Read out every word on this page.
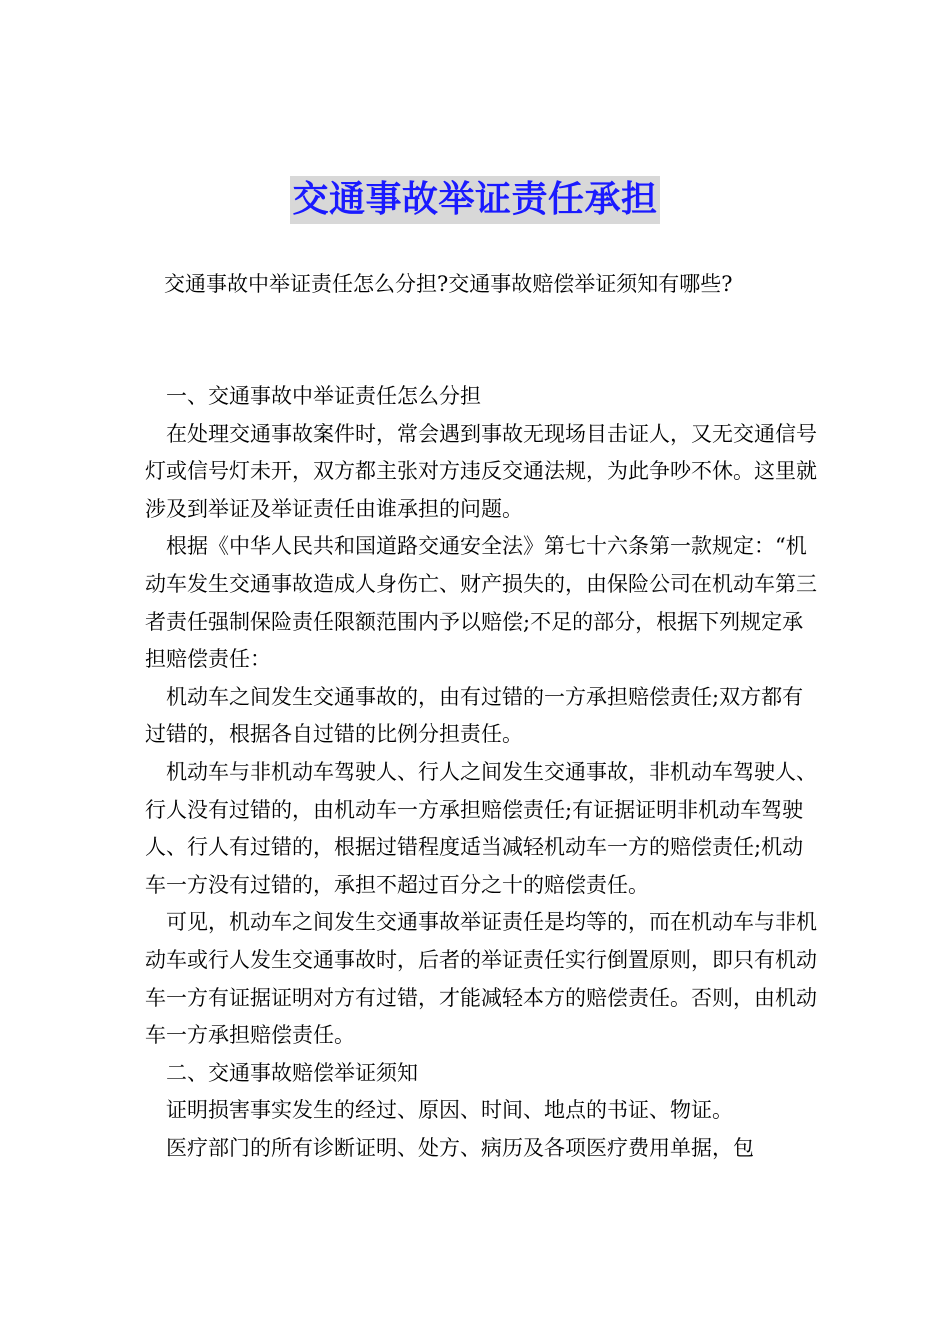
交通事故举证责任承担
交通事故中举证责任怎么分担?交通事故赔偿举证须知有哪些?

一、交通事故中举证责任怎么分担

在处理交通事故案件时，常会遇到事故无现场目击证人，又无交通信号灯或信号灯未开，双方都主张对方违反交通法规，为此争吵不休。这里就涉及到举证及举证责任由谁承担的问题。

根据《中华人民共和国道路交通安全法》第七十六条第一款规定：“机动车发生交通事故造成人身伤亡、财产损失的，由保险公司在机动车第三者责任强制保险责任限额范围内予以赔偿;不足的部分，根据下列规定承担赔偿责任：

机动车之间发生交通事故的，由有过错的一方承担赔偿责任;双方都有过错的，根据各自过错的比例分担责任。

机动车与非机动车驾驶人、行人之间发生交通事故，非机动车驾驶人、行人没有过错的，由机动车一方承担赔偿责任;有证据证明非机动车驾驶人、行人有过错的，根据过错程度适当减轻机动车一方的赔偿责任;机动车一方没有过错的，承担不超过百分之十的赔偿责任。

可见，机动车之间发生交通事故举证责任是均等的，而在机动车与非机动车或行人发生交通事故时，后者的举证责任实行倒置原则，即只有机动车一方有证据证明对方有过错，才能减轻本方的赔偿责任。否则，由机动车一方承担赔偿责任。

二、交通事故赔偿举证须知

证明损害事实发生的经过、原因、时间、地点的书证、物证。

医疗部门的所有诊断证明、处方、病历及各项医疗费用单据，包
